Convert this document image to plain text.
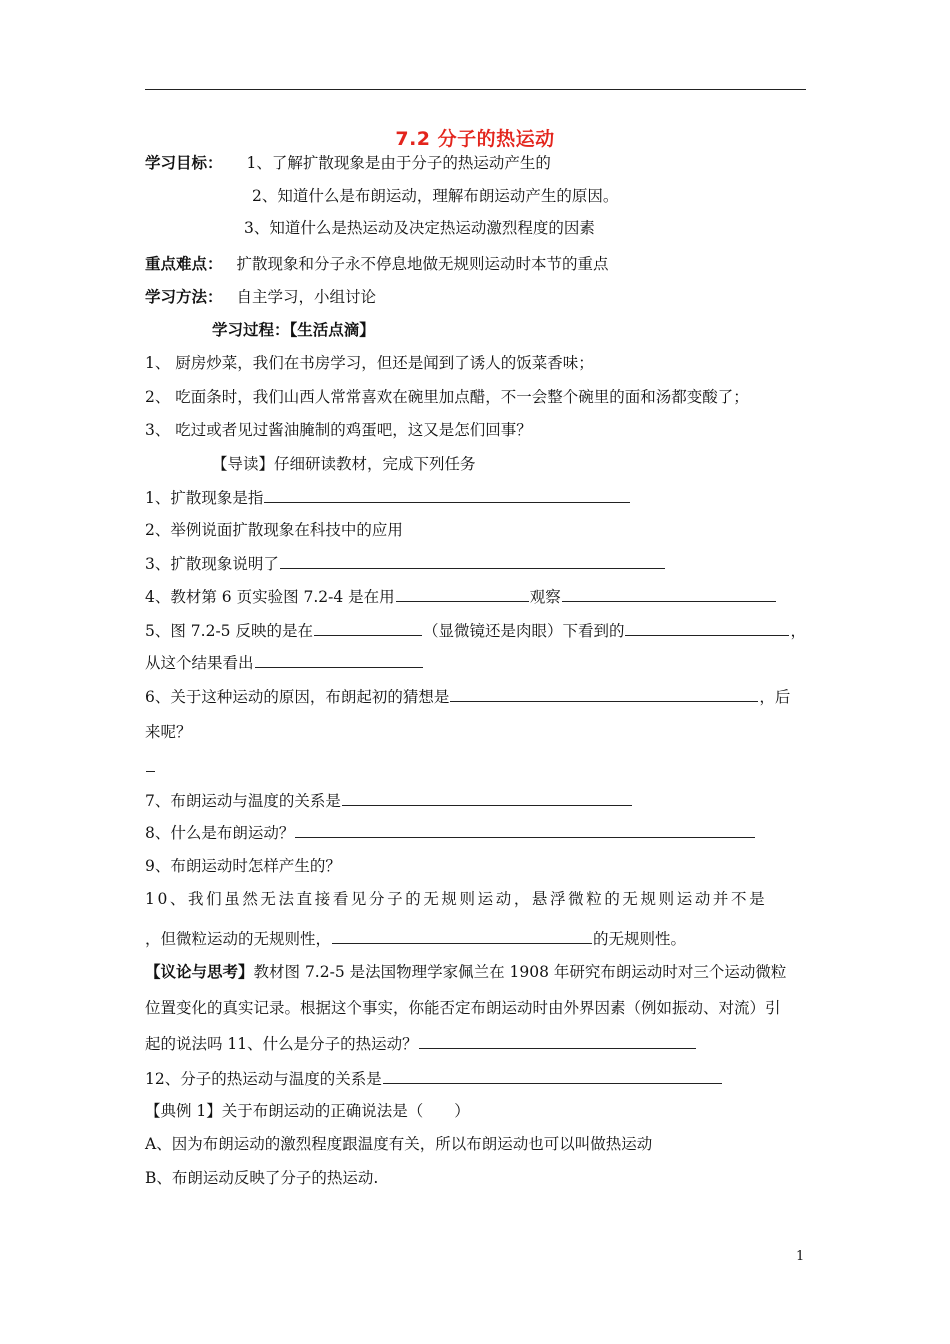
7.2 分子的热运动
学习目标： 1、了解扩散现象是由于分子的热运动产生的
2、知道什么是布朗运动，理解布朗运动产生的原因。
3、知道什么是热运动及决定热运动激烈程度的因素
重点难点： 扩散现象和分子永不停息地做无规则运动时本节的重点
学习方法： 自主学习，小组讨论
学习过程：【生活点滴】
1、 厨房炒菜，我们在书房学习，但还是闻到了诱人的饭菜香味；
2、 吃面条时，我们山西人常常喜欢在碗里加点醋，不一会整个碗里的面和汤都变酸了；
3、 吃过或者见过酱油腌制的鸡蛋吧，这又是怎们回事？
【导读】仔细研读教材，完成下列任务
1、扩散现象是指
2、举例说面扩散现象在科技中的应用
3、扩散现象说明了
4、教材第 6 页实验图 7.2-4 是在用	观察
5、图 7.2-5 反映的是在	（显微镜还是肉眼）下看到的	，
从这个结果看出
6、关于这种运动的原因，布朗起初的猜想是	，后
来呢？
7、布朗运动与温度的关系是
8、什么是布朗运动？
9、布朗运动时怎样产生的？
10、我们虽然无法直接看见分子的无规则运动，悬浮微粒的无规则运动并不是
，但微粒运动的无规则性，	的无规则性。
【议论与思考】教材图 7.2-5 是法国物理学家佩兰在 1908 年研究布朗运动时对三个运动微粒
位置变化的真实记录。根据这个事实，你能否定布朗运动时由外界因素（例如振动、对流）引
起的说法吗 11、什么是分子的热运动？
12、分子的热运动与温度的关系是
【典例 1】关于布朗运动的正确说法是（　　）
A、因为布朗运动的激烈程度跟温度有关，所以布朗运动也可以叫做热运动
B、布朗运动反映了分子的热运动.
1
